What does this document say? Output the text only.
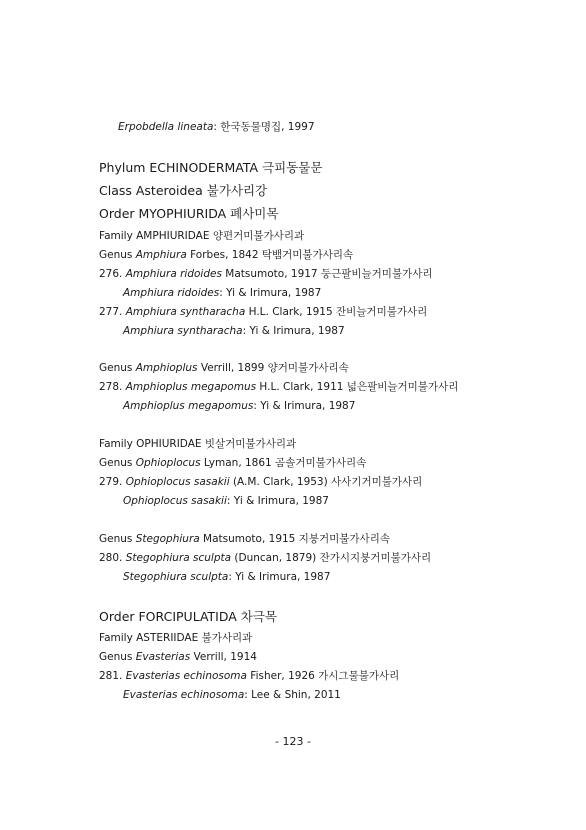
Erpobdella lineata: 한국동물명집, 1997
Phylum ECHINODERMATA 극피동물문
Class Asteroidea 불가사리강
Order MYOPHIURIDA 폐사미목
Family AMPHIURIDAE 양편거미불가사리과
Genus Amphiura Forbes, 1842 탁뱀거미불가사리속
276. Amphiura ridoides Matsumoto, 1917 둥근팔비늘거미불가사리
Amphiura ridoides: Yi & Irimura, 1987
277. Amphiura syntharacha H.L. Clark, 1915 잔비늘거미불가사리
Amphiura syntharacha: Yi & Irimura, 1987
Genus Amphioplus Verrill, 1899 양거미불가사리속
278. Amphioplus megapomus H.L. Clark, 1911 넓은팔비늘거미불가사리
Amphioplus megapomus: Yi & Irimura, 1987
Family OPHIURIDAE 빗살거미불가사리과
Genus Ophioplocus Lyman, 1861 곰솔거미불가사리속
279. Ophioplocus sasakii (A.M. Clark, 1953) 사사기거미불가사리
Ophioplocus sasakii: Yi & Irimura, 1987
Genus Stegophiura Matsumoto, 1915 지붕거미불가사리속
280. Stegophiura sculpta (Duncan, 1879) 잔가시지붕거미불가사리
Stegophiura sculpta: Yi & Irimura, 1987
Order FORCIPULATIDA 차극목
Family ASTERIIDAE 불가사리과
Genus Evasterias Verrill, 1914
281. Evasterias echinosoma Fisher, 1926 가시그물불가사리
Evasterias echinosoma: Lee & Shin, 2011
- 123 -
